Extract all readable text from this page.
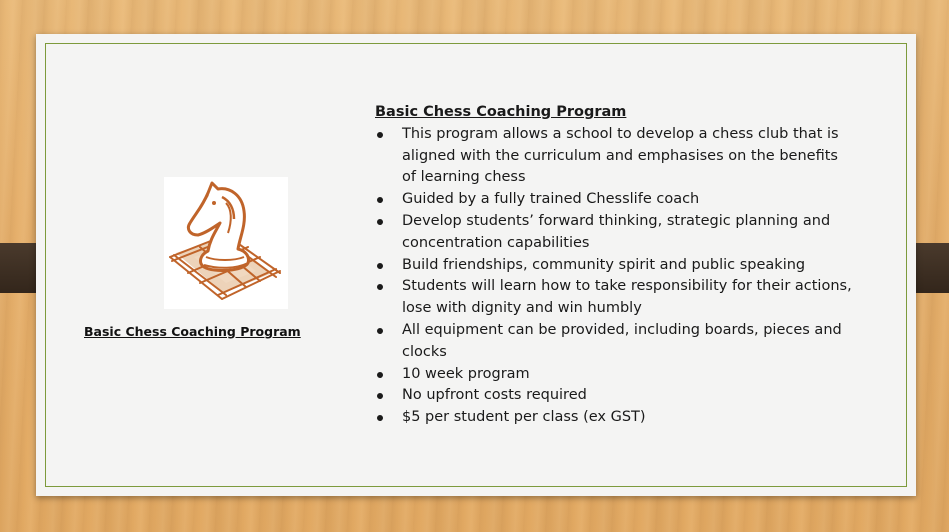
Basic Chess Coaching Program

Basic Chess Coaching Program

This program allows a school to develop a chess club that is aligned with the curriculum and emphasises on the benefits of learning chess
Guided by a fully trained Chesslife coach
Develop students’ forward thinking, strategic planning and concentration capabilities
Build friendships, community spirit and public speaking
Students will learn how to take responsibility for their actions, lose with dignity and win humbly
All equipment can be provided, including boards, pieces and clocks
10 week program
No upfront costs required
$5 per student per class (ex GST)
